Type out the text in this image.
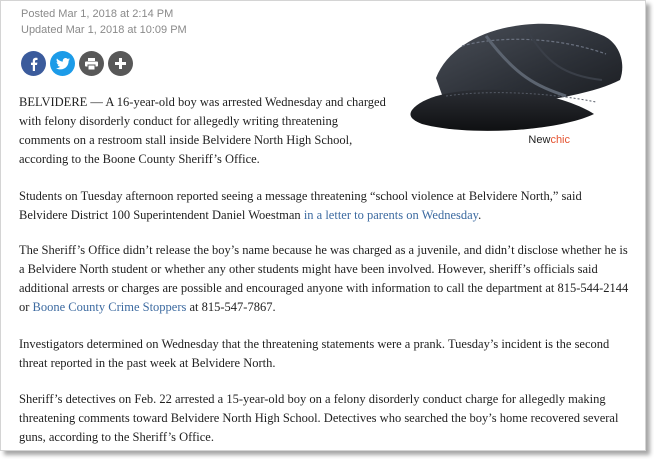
Posted Mar 1, 2018 at 2:14 PM
Updated Mar 1, 2018 at 10:09 PM
Newchic

BELVIDERE — A 16-year-old boy was arrested Wednesday and charged with felony disorderly conduct for allegedly writing threatening comments on a restroom stall inside Belvidere North High School, according to the Boone County Sheriff’s Office.

Students on Tuesday afternoon reported seeing a message threatening “school violence at Belvidere North,” said Belvidere District 100 Superintendent Daniel Woestman in a letter to parents on Wednesday.

The Sheriff’s Office didn’t release the boy’s name because he was charged as a juvenile, and didn’t disclose whether he is a Belvidere North student or whether any other students might have been involved. However, sheriff’s officials said additional arrests or charges are possible and encouraged anyone with information to call the department at 815-544-2144 or Boone County Crime Stoppers at 815-547-7867.

Investigators determined on Wednesday that the threatening statements were a prank. Tuesday’s incident is the second threat reported in the past week at Belvidere North.

Sheriff’s detectives on Feb. 22 arrested a 15-year-old boy on a felony disorderly conduct charge for allegedly making threatening comments toward Belvidere North High School. Detectives who searched the boy’s home recovered several guns, according to the Sheriff’s Office.
